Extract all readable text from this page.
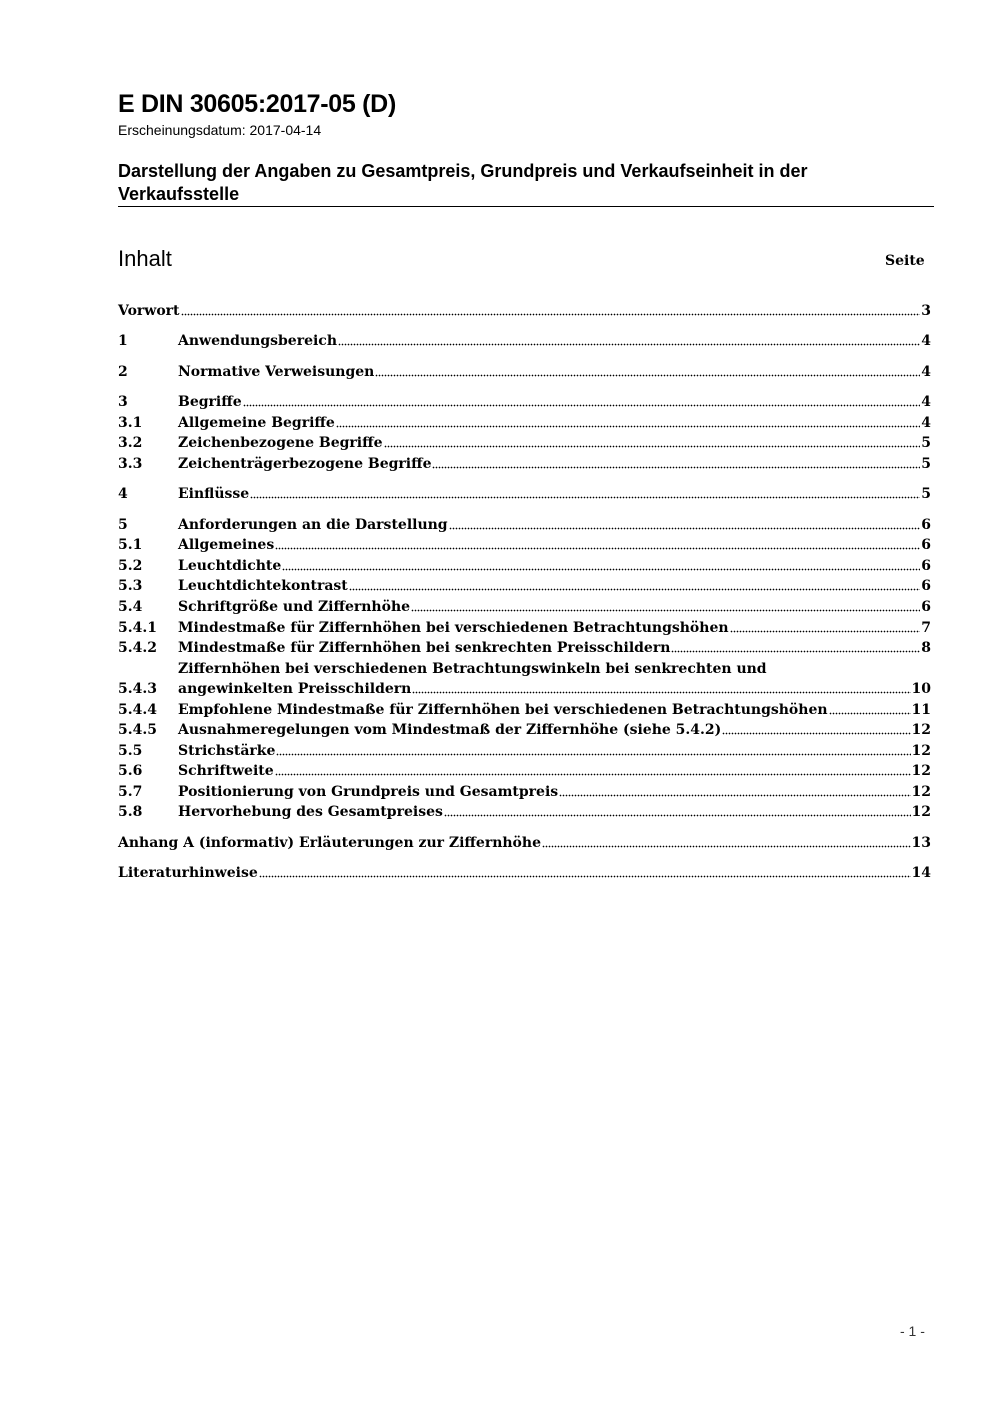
E DIN 30605:2017-05 (D)
Erscheinungsdatum: 2017-04-14
Darstellung der Angaben zu Gesamtpreis, Grundpreis und Verkaufseinheit in der Verkaufsstelle
Inhalt	Seite
Vorwort	3
1	Anwendungsbereich	4
2	Normative Verweisungen	4
3	Begriffe	4
3.1	Allgemeine Begriffe	4
3.2	Zeichenbezogene Begriffe	5
3.3	Zeichenträgerbezogene Begriffe	5
4	Einflüsse	5
5	Anforderungen an die Darstellung	6
5.1	Allgemeines	6
5.2	Leuchtdichte	6
5.3	Leuchtdichtekontrast	6
5.4	Schriftgröße und Ziffernhöhe	6
5.4.1 Mindestmaße für Ziffernhöhen bei verschiedenen Betrachtungshöhen	7
5.4.2 Mindestmaße für Ziffernhöhen bei senkrechten Preisschildern	8
5.4.3
Ziffernhöhen bei verschiedenen Betrachtungswinkeln bei senkrechten und
angewinkelten Preisschildern	10
5.4.4 Empfohlene Mindestmaße für Ziffernhöhen bei verschiedenen Betrachtungshöhen	11
5.4.5 Ausnahmeregelungen vom Mindestmaß der Ziffernhöhe (siehe 5.4.2)	12
5.5	Strichstärke	12
5.6	Schriftweite	12
5.7	Positionierung von Grundpreis und Gesamtpreis	12
5.8	Hervorhebung des Gesamtpreises	12
Anhang A (informativ) Erläuterungen zur Ziffernhöhe	13
Literaturhinweise	14
- 1 -
